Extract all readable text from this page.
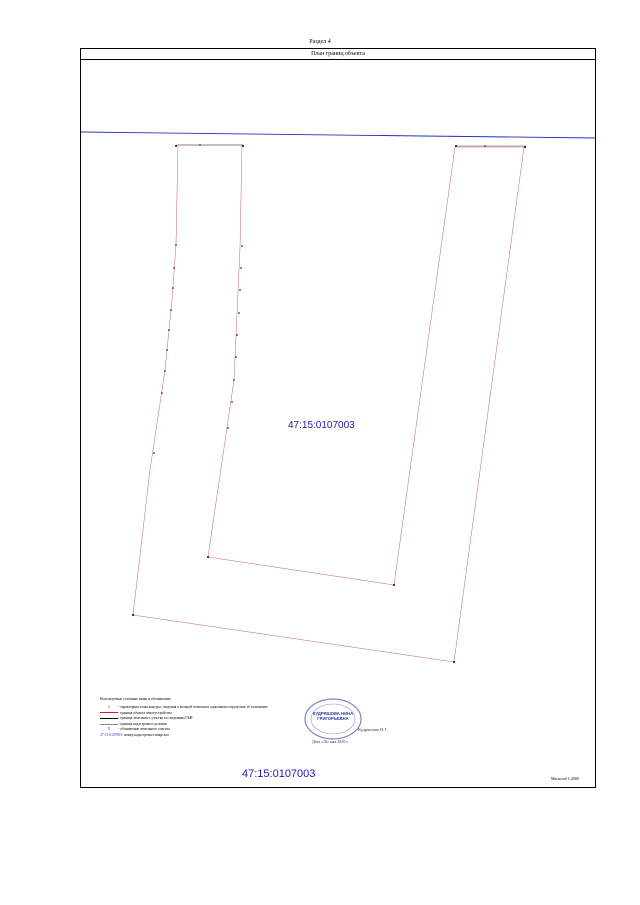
Раздел 4
План границ объекта
47:15:0107003
Используемые условные знаки и обозначения:
1	- характерная точка контура, сведения о которой позволяют однозначно определить её положение
- граница объекта землеустройства
- граница земельного участка по сведениям ГКН
- граница кадастрового деления
5	- обозначение земельного участка
47:15:0107003 - номер кадастрового квартала
КУДРЯШОВА НИНА ГРИГОРЬЕВНА
Дата «18» мая 2020 г.
Кудряшова Н.Г.
47:15:0107003	Масштаб 1:2000
